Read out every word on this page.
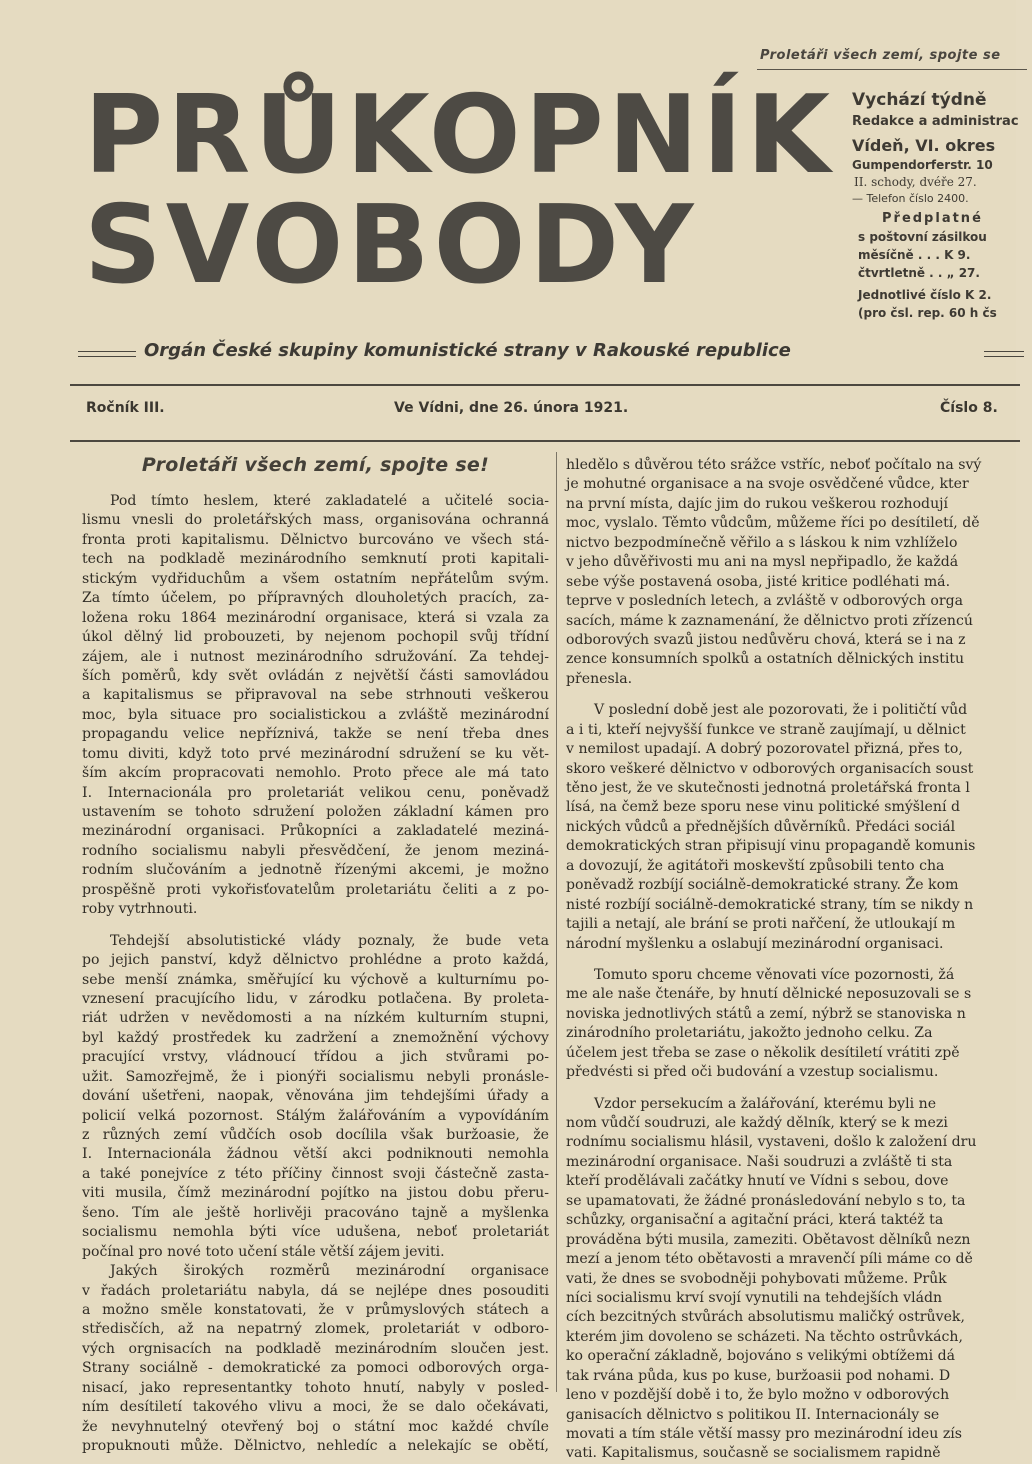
Proletáři všech zemí, spojte se
PRŮKOPNÍK
SVOBODY
Vychází týdně
Redakce a administrac
Vídeň, VI. okres
Gumpendorferstr. 10
II. schody, dvéře 27.
— Telefon číslo 2400.
Předplatné
s poštovní zásilkou
měsíčně . . . K 9.
čtvrtletně . . „ 27.
Jednotlivé číslo K 2.
(pro čsl. rep. 60 h čs
Orgán České skupiny komunistické strany v Rakouské republice
Ročník III.	Ve Vídni, dne 26. února 1921.	Číslo 8.
Proletáři všech zemí, spojte se!
Pod tímto heslem, které zakladatelé a učitelé socia-
lismu vnesli do proletářských mass, organisována ochranná
fronta proti kapitalismu. Dělnictvo burcováno ve všech stá-
tech na podkladě mezinárodního semknutí proti kapitali-
stickým vydřiduchům a všem ostatním nepřátelům svým.
Za tímto účelem, po přípravných dlouholetých pracích, za-
ložena roku 1864 mezinárodní organisace, která si vzala za
úkol dělný lid probouzeti, by nejenom pochopil svůj třídní
zájem, ale i nutnost mezinárodního sdružování. Za tehdej-
ších poměrů, kdy svět ovládán z největší části samovládou
a kapitalismus se připravoval na sebe strhnouti veškerou
moc, byla situace pro socialistickou a zvláště mezinárodní
propagandu velice nepříznivá, takže se není třeba dnes
tomu diviti, když toto prvé mezinárodní sdružení se ku vět-
ším akcím propracovati nemohlo. Proto přece ale má tato
I. Internacionála pro proletariát velikou cenu, poněvadž
ustavením se tohoto sdružení položen základní kámen pro
mezinárodní organisaci. Průkopníci a zakladatelé meziná-
rodního socialismu nabyli přesvědčení, že jenom meziná-
rodním slučováním a jednotně řízenými akcemi, je možno
prospěšně proti vykořisťovatelům proletariátu čeliti a z po-
roby vytrhnouti.
Tehdejší absolutistické vlády poznaly, že bude veta
po jejich panství, když dělnictvo prohlédne a proto každá,
sebe menší známka, směřující ku výchově a kulturnímu po-
vznesení pracujícího lidu, v zárodku potlačena. By proleta-
riát udržen v nevědomosti a na nízkém kulturním stupni,
byl každý prostředek ku zadržení a znemožnění výchovy
pracující vrstvy, vládnoucí třídou a jich stvůrami po-
užit. Samozřejmě, že i pionýři socialismu nebyli pronásle-
dování ušetřeni, naopak, věnována jim tehdejšími úřady a
policií velká pozornost. Stálým žalářováním a vypovídáním
z různých zemí vůdčích osob docílila však buržoasie, že
I. Internacionála žádnou větší akci podniknouti nemohla
a také ponejvíce z této příčiny činnost svoji částečně zasta-
viti musila, čímž mezinárodní pojítko na jistou dobu přeru-
šeno. Tím ale ještě horlivěji pracováno tajně a myšlenka
socialismu nemohla býti více udušena, neboť proletariát
počínal pro nové toto učení stále větší zájem jeviti.
Jakých širokých rozměrů mezinárodní organisace
v řadách proletariátu nabyla, dá se nejlépe dnes posouditi
a možno směle konstatovati, že v průmyslových státech a
středisčích, až na nepatrný zlomek, proletariát v odboro-
vých orgnisacích na podkladě mezinárodním sloučen jest.
Strany sociálně - demokratické za pomoci odborových orga-
nisací, jako representantky tohoto hnutí, nabyly v posled-
ním desítiletí takového vlivu a moci, že se dalo očekávati,
že nevyhnutelný otevřený boj o státní moc každé chvíle
propuknouti může. Dělnictvo, nehledíc a nelekajíc se obětí,
hledělo s důvěrou této srážce vstříc, neboť počítalo na svý
je mohutné organisace a na svoje osvědčené vůdce, kter
na první místa, dajíc jim do rukou veškerou rozhodují
moc, vyslalo. Těmto vůdcům, můžeme říci po desítiletí, dě
nictvo bezpodmínečně věřilo a s láskou k nim vzhlíželo
v jeho důvěřivosti mu ani na mysl nepřipadlo, že každá
sebe výše postavená osoba, jisté kritice podléhati má.
teprve v posledních letech, a zvláště v odborových orga
sacích, máme k zaznamenání, že dělnictvo proti zřízencú
odborových svazů jistou nedůvěru chová, která se i na z
zence konsumních spolků a ostatních dělnických institu
přenesla.
V poslední době jest ale pozorovati, že i političtí vůd
a i ti, kteří nejvyšší funkce ve straně zaujímají, u dělnict
v nemilost upadají. A dobrý pozorovatel přizná, přes to,
skoro veškeré dělnictvo v odborových organisacích soust
těno jest, že ve skutečnosti jednotná proletářská fronta l
lísá, na čemž beze sporu nese vinu politické smýšlení d
nických vůdců a přednějších důvěrníků. Předáci sociál
demokratických stran připisují vinu propagandě komunis
a dovozují, že agitátoři moskevští způsobili tento cha
poněvadž rozbíjí sociálně-demokratické strany. Že kom
nisté rozbíjí sociálně-demokratické strany, tím se nikdy n
tajili a netají, ale brání se proti nařčení, že utloukají m
národní myšlenku a oslabují mezinárodní organisaci.
Tomuto sporu chceme věnovati více pozornosti, žá
me ale naše čtenáře, by hnutí dělnické neposuzovali se s
noviska jednotlivých států a zemí, nýbrž se stanoviska n
zinárodního proletariátu, jakožto jednoho celku. Za
účelem jest třeba se zase o několik desítiletí vrátiti zpě
předvésti si před oči budování a vzestup socialismu.
Vzdor persekucím a žalářování, kterému byli ne
nom vůdčí soudruzi, ale každý dělník, který se k mezi
rodnímu socialismu hlásil, vystaveni, došlo k založení dru
mezinárodní organisace. Naši soudruzi a zvláště ti sta
kteří prodělávali začátky hnutí ve Vídni s sebou, dove
se upamatovati, že žádné pronásledování nebylo s to, ta
schůzky, organisační a agitační práci, která taktéž ta
prováděna býti musila, zameziti. Obětavost dělníků nezn
mezí a jenom této obětavosti a mravenčí píli máme co dě
vati, že dnes se svobodněji pohybovati můžeme. Průk
níci socialismu krví svojí vynutili na tehdejších vládn
cích bezcitných stvůrách absolutismu maličký ostrůvek,
kterém jim dovoleno se scházeti. Na těchto ostrůvkách,
ko operační základně, bojováno s velikými obtížemi dá
tak rvána půda, kus po kuse, buržoasii pod nohami. D
leno v pozdější době i to, že bylo možno v odborových
ganisacích dělnictvo s politikou II. Internacionály se
movati a tím stále větší massy pro mezinárodní ideu zís
vati. Kapitalismus, současně se socialismem rapidně
